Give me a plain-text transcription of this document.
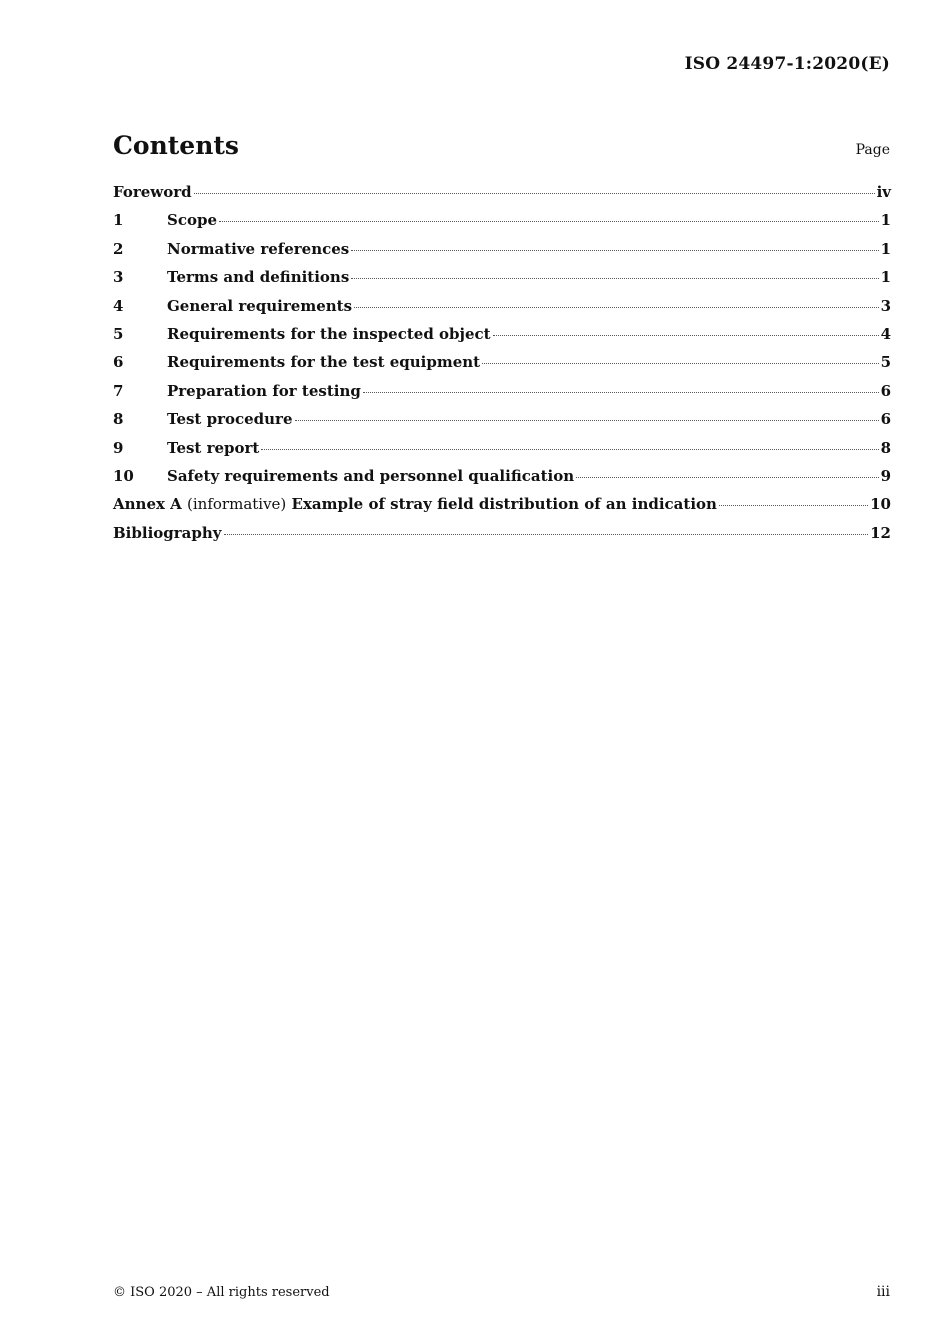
ISO 24497-1:2020(E)
Contents	Page
Foreword	iv
1	Scope	1
2	Normative references	1
3	Terms and definitions	1
4	General requirements	3
5	Requirements for the inspected object	4
6	Requirements for the test equipment	5
7	Preparation for testing	6
8	Test procedure	6
9	Test report	8
10	Safety requirements and personnel qualification	9
Annex A (informative) Example of stray field distribution of an indication	10
Bibliography	12
© ISO 2020 – All rights reserved	iii
